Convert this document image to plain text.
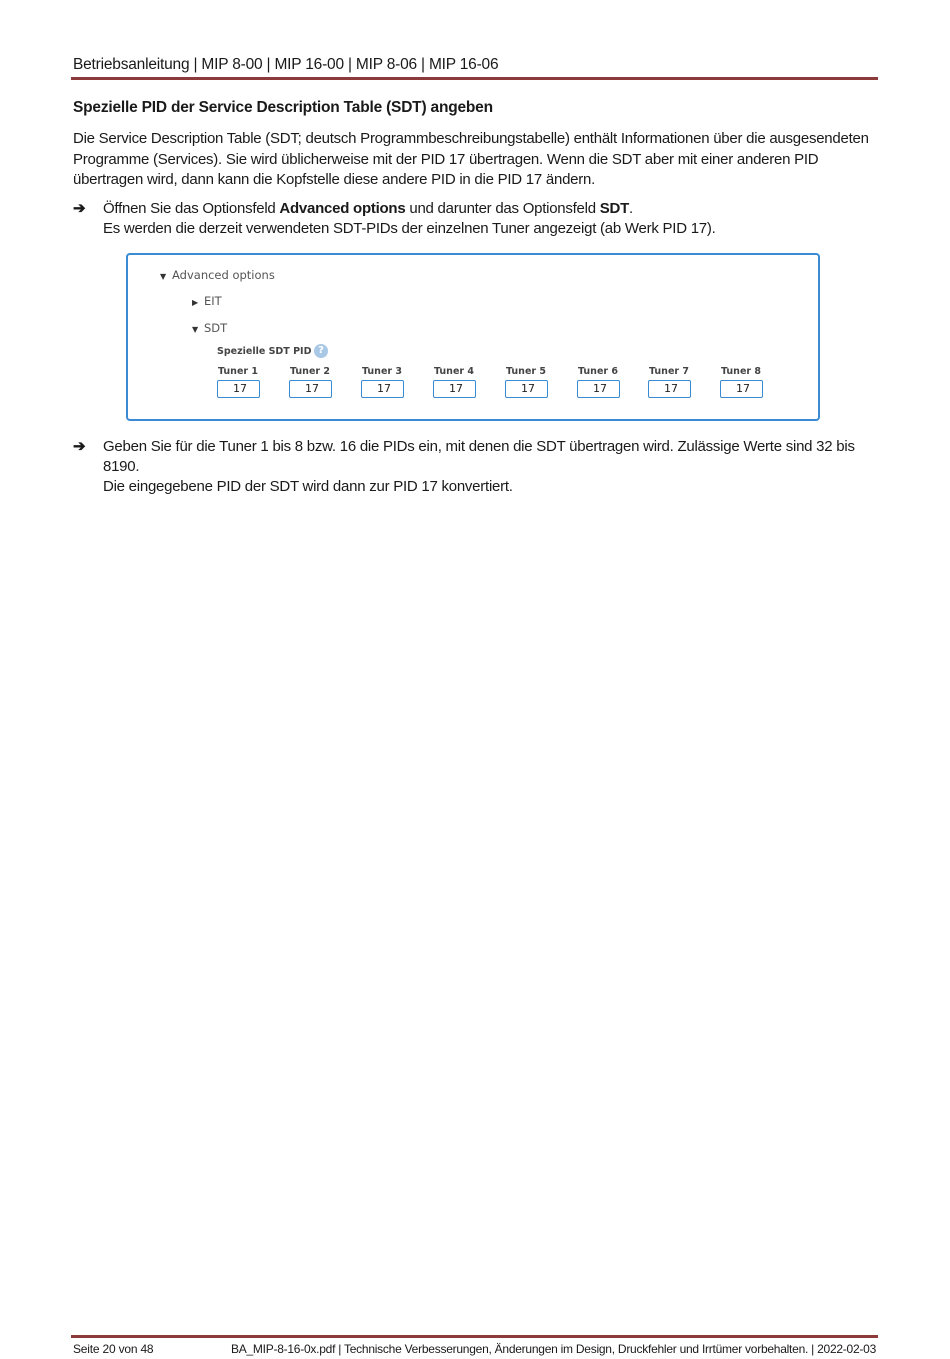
Betriebsanleitung | MIP 8-00 | MIP 16-00 | MIP 8-06 | MIP 16-06
Spezielle PID der Service Description Table (SDT) angeben
Die Service Description Table (SDT; deutsch Programmbeschreibungstabelle) enthält Informationen über die ausgesendeten Programme (Services). Sie wird üblicherweise mit der PID 17 übertragen. Wenn die SDT aber mit einer anderen PID übertragen wird, dann kann die Kopfstelle diese andere PID in die PID 17 ändern.
➔ Öffnen Sie das Optionsfeld Advanced options und darunter das Optionsfeld SDT.
Es werden die derzeit verwendeten SDT-PIDs der einzelnen Tuner angezeigt (ab Werk PID 17).
▼ Advanced options
▶ EIT
▼ SDT
Spezielle SDT PID ?
Tuner 1
17
Tuner 2
17
Tuner 3
17
Tuner 4
17
Tuner 5
17
Tuner 6
17
Tuner 7
17
Tuner 8
17
➔ Geben Sie für die Tuner 1 bis 8 bzw. 16 die PIDs ein, mit denen die SDT übertragen wird. Zulässige Werte sind 32 bis 8190.
Die eingegebene PID der SDT wird dann zur PID 17 konvertiert.
Seite 20 von 48	BA_MIP-8-16-0x.pdf | Technische Verbesserungen, Änderungen im Design, Druckfehler und Irrtümer vorbehalten. | 2022-02-03
